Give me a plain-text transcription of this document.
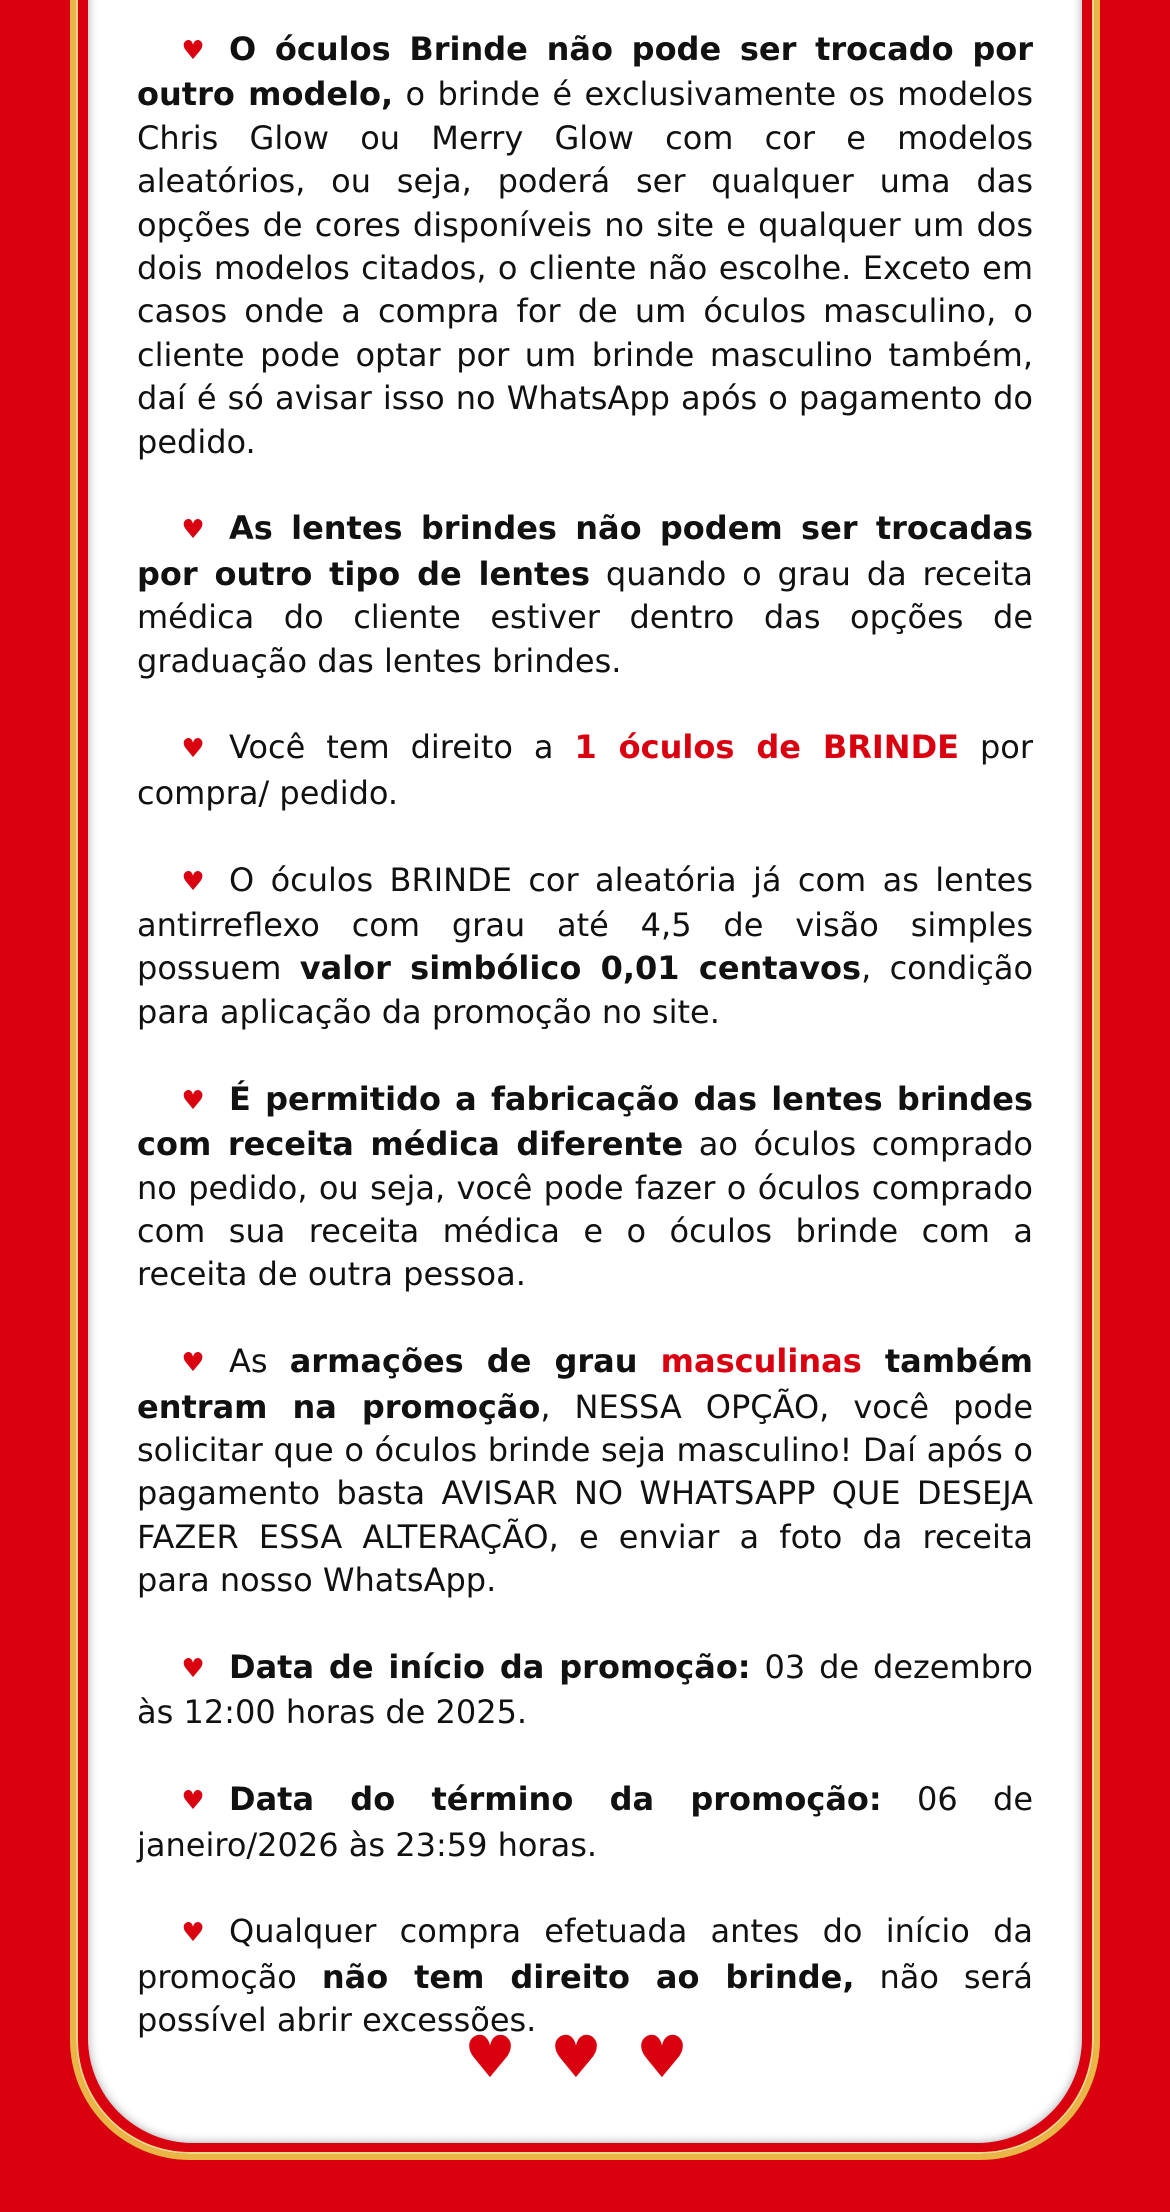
♥ O óculos Brinde não pode ser trocado por outro modelo, o brinde é exclusivamente os modelos Chris Glow ou Merry Glow com cor e modelos aleatórios, ou seja, poderá ser qualquer uma das opções de cores disponíveis no site e qualquer um dos dois modelos citados, o cliente não escolhe. Exceto em casos onde a compra for de um óculos masculino, o cliente pode optar por um brinde masculino também, daí é só avisar isso no WhatsApp após o pagamento do pedido.

♥ As lentes brindes não podem ser trocadas por outro tipo de lentes quando o grau da receita médica do cliente estiver dentro das opções de graduação das lentes brindes.

♥ Você tem direito a 1 óculos de BRINDE por compra/ pedido.

♥ O óculos BRINDE cor aleatória já com as lentes antirreflexo com grau até 4,5 de visão simples possuem valor simbólico 0,01 centavos, condição para aplicação da promoção no site.

♥ É permitido a fabricação das lentes brindes com receita médica diferente ao óculos comprado no pedido, ou seja, você pode fazer o óculos comprado com sua receita médica e o óculos brinde com a receita de outra pessoa.

♥ As armações de grau masculinas também entram na promoção, NESSA OPÇÃO, você pode solicitar que o óculos brinde seja masculino! Daí após o pagamento basta AVISAR NO WHATSAPP QUE DESEJA FAZER ESSA ALTERAÇÃO, e enviar a foto da receita para nosso WhatsApp.

♥ Data de início da promoção: 03 de dezembro às 12:00 horas de 2025.

♥ Data do término da promoção: 06 de janeiro/2026 às 23:59 horas.

♥ Qualquer compra efetuada antes do início da promoção não tem direito ao brinde, não será possível abrir excessões.

♥ ♥ ♥
